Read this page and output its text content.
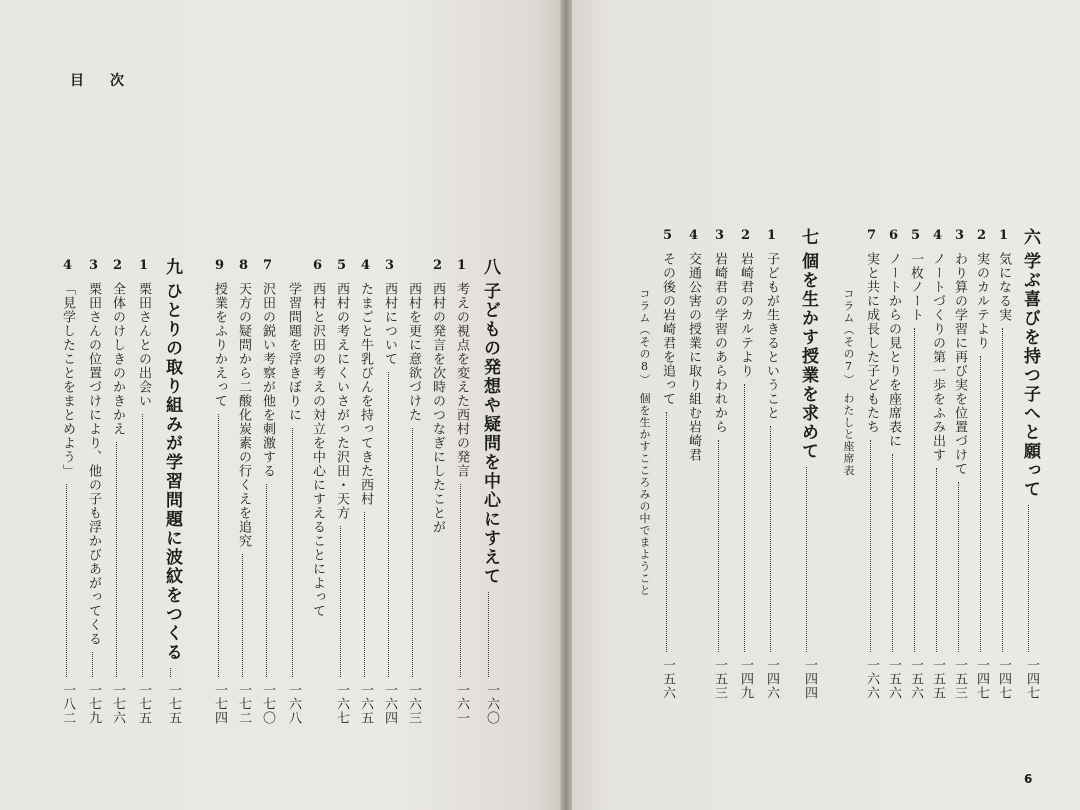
目次
六
学ぶ喜びを持つ子へと願って
一四七
1
気になる実
一四七
2
実のカルテより
一四七
3
わり算の学習に再び実を位置づけて
一五三
4
ノートづくりの第一歩をふみ出す
一五五
5
一枚ノート
一五六
6
ノートからの見とりを座席表に
一五六
7
実と共に成長した子どもたち
一六六
コラム（その7）　わたしと座席表
七
個を生かす授業を求めて
一四四
1
子どもが生きるということ
一四六
2
岩崎君のカルテより
一四九
3
岩崎君の学習のあらわれから
一五三
4
交通公害の授業に取り組む岩崎君
5
その後の岩崎君を追って
一五六
コラム（その8）　個を生かすこころみの中でまようこと
八
子どもの発想や疑問を中心にすえて
一六〇
1
考えの視点を変えた西村の発言
一六一
2
西村の発言を次時のつなぎにしたことが
西村を更に意欲づけた
一六三
3
西村について
一六四
4
たまごと牛乳びんを持ってきた西村
一六五
5
西村の考えにくいさがった沢田・天方
一六七
6
西村と沢田の考えの対立を中心にすえることによって
学習問題を浮きぼりに
一六八
7
沢田の鋭い考察が他を刺激する
一七〇
8
天方の疑問から二酸化炭素の行くえを追究
一七二
9
授業をふりかえって
一七四
九
ひとりの取り組みが学習問題に波紋をつくる
一七五
1
栗田さんとの出会い
一七五
2
全体のけしきのかきかえ
一七六
3
栗田さんの位置づけにより、他の子も浮かびあがってくる
一七九
4
「見学したことをまとめよう」
一八二
6
